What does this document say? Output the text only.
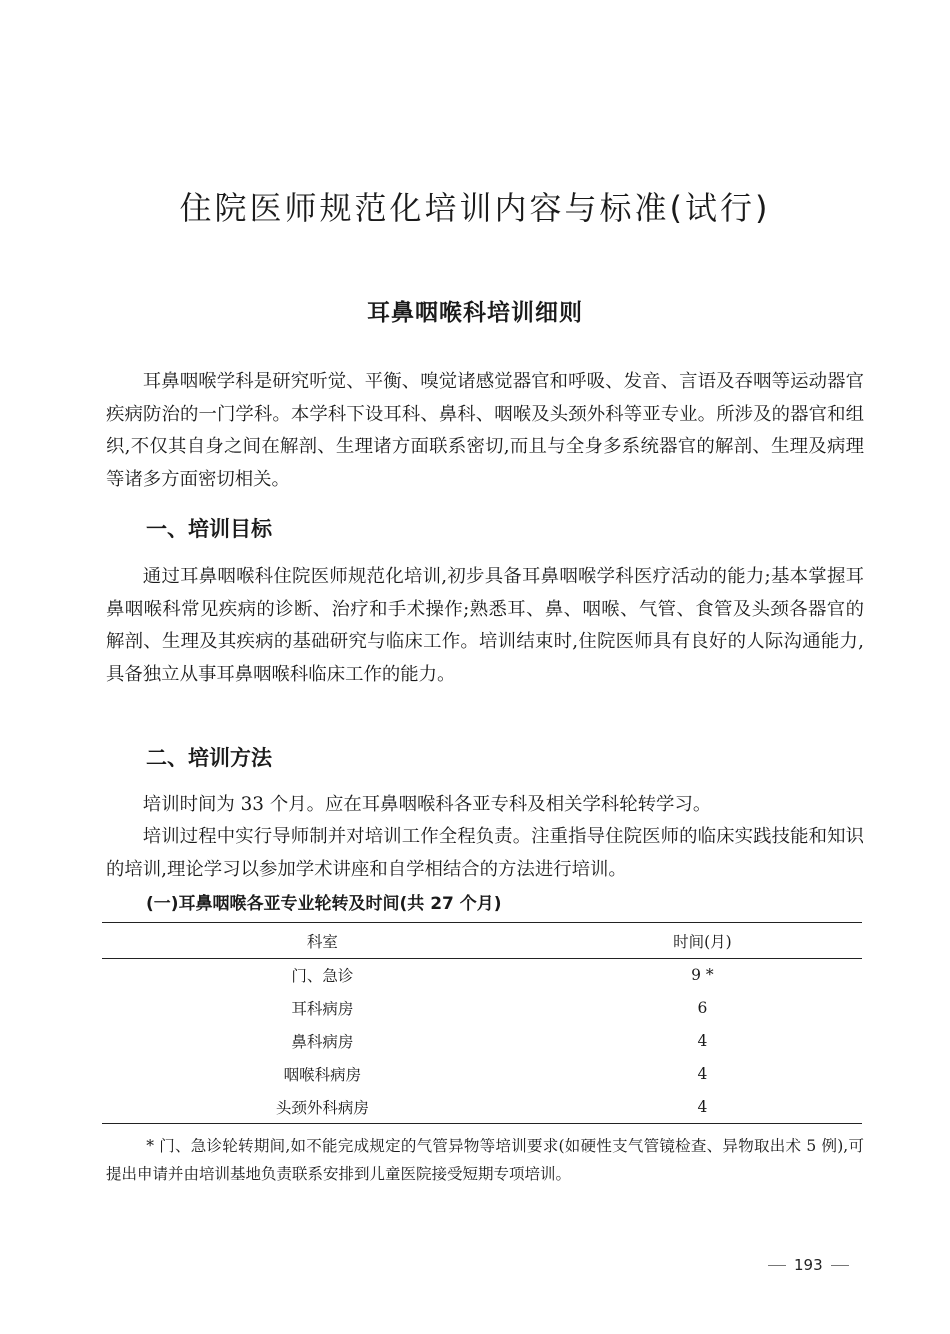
住院医师规范化培训内容与标准(试行)
耳鼻咽喉科培训细则

耳鼻咽喉学科是研究听觉、平衡、嗅觉诸感觉器官和呼吸、发音、言语及吞咽等运动器官疾病防治的一门学科。本学科下设耳科、鼻科、咽喉及头颈外科等亚专业。所涉及的器官和组织,不仅其自身之间在解剖、生理诸方面联系密切,而且与全身多系统器官的解剖、生理及病理等诸多方面密切相关。

一、培训目标

通过耳鼻咽喉科住院医师规范化培训,初步具备耳鼻咽喉学科医疗活动的能力;基本掌握耳鼻咽喉科常见疾病的诊断、治疗和手术操作;熟悉耳、鼻、咽喉、气管、食管及头颈各器官的解剖、生理及其疾病的基础研究与临床工作。培训结束时,住院医师具有良好的人际沟通能力,具备独立从事耳鼻咽喉科临床工作的能力。

二、培训方法

培训时间为 33 个月。应在耳鼻咽喉科各亚专科及相关学科轮转学习。

培训过程中实行导师制并对培训工作全程负责。注重指导住院医师的临床实践技能和知识的培训,理论学习以参加学术讲座和自学相结合的方法进行培训。

(一)耳鼻咽喉各亚专业轮转及时间(共 27 个月)

科室	时间(月)
门、急诊	9 *
耳科病房	6
鼻科病房	4
咽喉科病房	4
头颈外科病房	4

* 门、急诊轮转期间,如不能完成规定的气管异物等培训要求(如硬性支气管镜检查、异物取出术 5 例),可提出申请并由培训基地负责联系安排到儿童医院接受短期专项培训。

193
